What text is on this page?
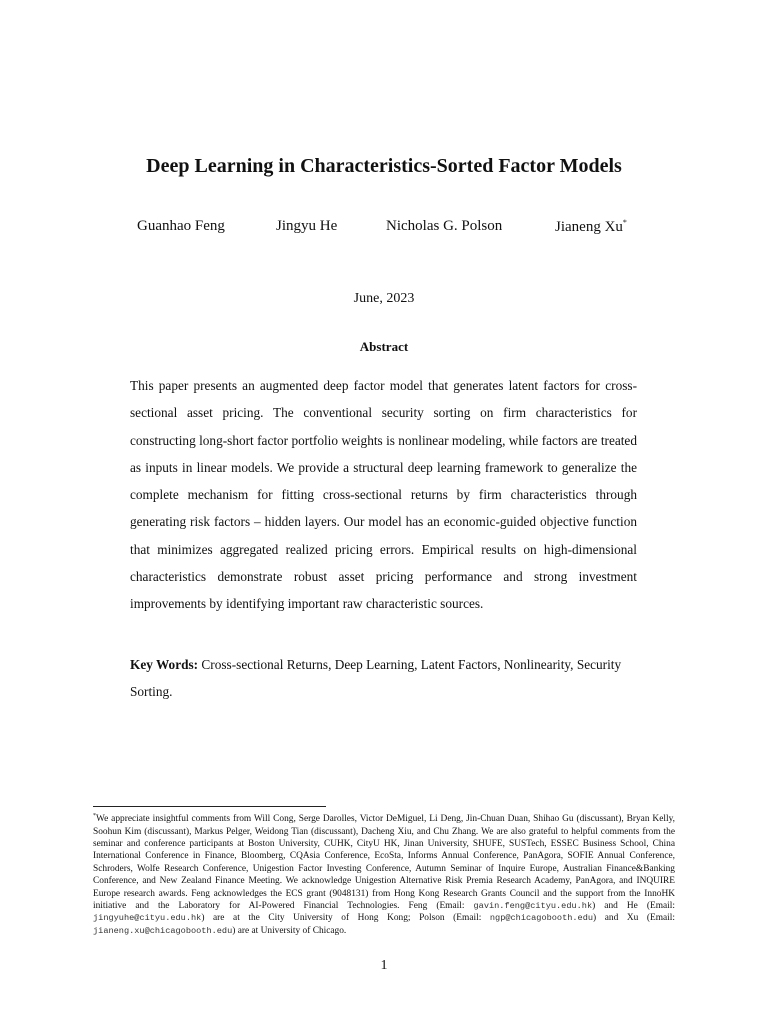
Deep Learning in Characteristics-Sorted Factor Models
Guanhao Feng	Jingyu He	Nicholas G. Polson	Jianeng Xu*
June, 2023
Abstract

This paper presents an augmented deep factor model that generates latent factors for cross-sectional asset pricing. The conventional security sorting on firm characteristics for constructing long-short factor portfolio weights is nonlinear modeling, while factors are treated as inputs in linear models. We provide a structural deep learning framework to generalize the complete mechanism for fitting cross-sectional returns by firm characteristics through generating risk factors – hidden layers. Our model has an economic-guided objective function that minimizes aggregated realized pricing errors. Empirical results on high-dimensional characteristics demonstrate robust asset pricing performance and strong investment improvements by identifying important raw characteristic sources.

Key Words: Cross-sectional Returns, Deep Learning, Latent Factors, Nonlinearity, Security Sorting.

*We appreciate insightful comments from Will Cong, Serge Darolles, Victor DeMiguel, Li Deng, Jin-Chuan Duan, Shihao Gu (discussant), Bryan Kelly, Soohun Kim (discussant), Markus Pelger, Weidong Tian (discussant), Dacheng Xiu, and Chu Zhang. We are also grateful to helpful comments from the seminar and conference participants at Boston University, CUHK, CityU HK, Jinan University, SHUFE, SUSTech, ESSEC Business School, China International Conference in Finance, Bloomberg, CQAsia Conference, EcoSta, Informs Annual Conference, PanAgora, SOFIE Annual Conference, Schroders, Wolfe Research Conference, Unigestion Factor Investing Conference, Autumn Seminar of Inquire Europe, Australian Finance&Banking Conference, and New Zealand Finance Meeting. We acknowledge Unigestion Alternative Risk Premia Research Academy, PanAgora, and INQUIRE Europe research awards. Feng acknowledges the ECS grant (9048131) from Hong Kong Research Grants Council and the support from the InnoHK initiative and the Laboratory for AI-Powered Financial Technologies. Feng (Email: gavin.feng@cityu.edu.hk) and He (Email: jingyuhe@cityu.edu.hk) are at the City University of Hong Kong; Polson (Email: ngp@chicagobooth.edu) and Xu (Email: jianeng.xu@chicagobooth.edu) are at University of Chicago.

1
